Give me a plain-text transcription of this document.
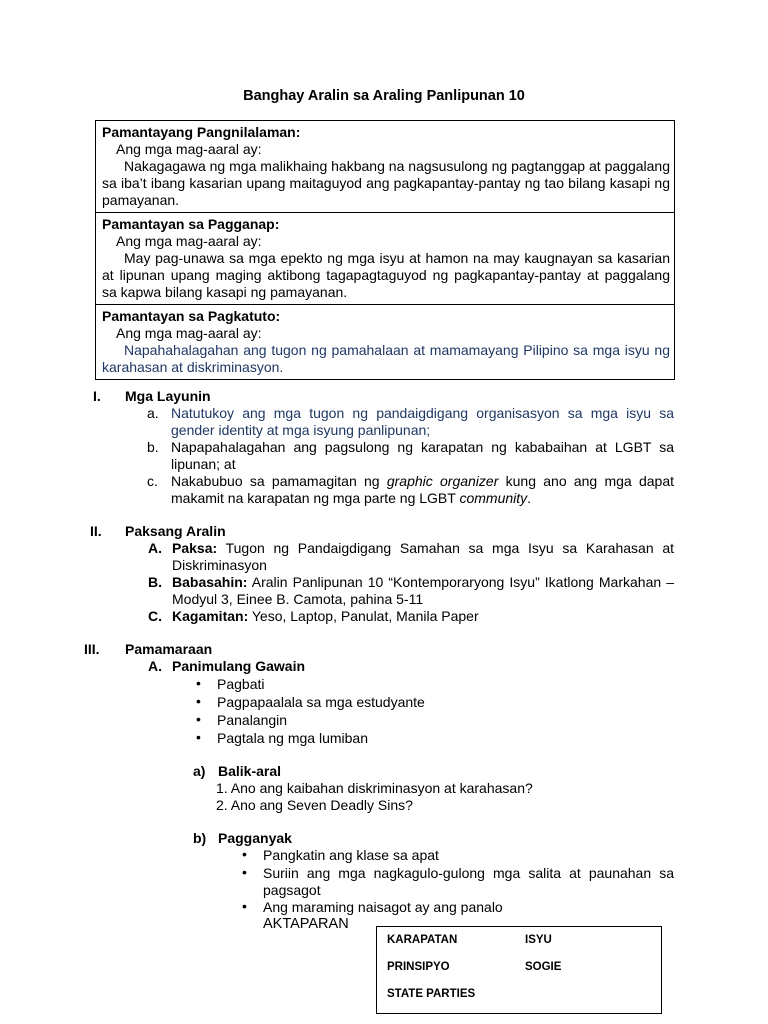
Banghay Aralin sa Araling Panlipunan 10
Pamantayang Pangnilalaman:
Ang mga mag-aaral ay:
Nakagagawa ng mga malikhaing hakbang na nagsusulong ng pagtanggap at paggalang sa iba’t ibang kasarian upang maitaguyod ang pagkapantay-pantay ng tao bilang kasapi ng pamayanan.
Pamantayan sa Pagganap:
Ang mga mag-aaral ay:
May pag-unawa sa mga epekto ng mga isyu at hamon na may kaugnayan sa kasarian at lipunan upang maging aktibong tagapagtaguyod ng pagkapantay-pantay at paggalang sa kapwa bilang kasapi ng pamayanan.
Pamantayan sa Pagkatuto:
Ang mga mag-aaral ay:
Napahahalagahan ang tugon ng pamahalaan at mamamayang Pilipino sa mga isyu ng karahasan at diskriminasyon.
I. Mga Layunin
a. Natutukoy ang mga tugon ng pandaigdigang organisasyon sa mga isyu sa gender identity at mga isyung panlipunan;
b. Napapahalagahan ang pagsulong ng karapatan ng kababaihan at LGBT sa lipunan; at
c. Nakabubuo sa pamamagitan ng graphic organizer kung ano ang mga dapat makamit na karapatan ng mga parte ng LGBT community.
II. Paksang Aralin
A. Paksa: Tugon ng Pandaigdigang Samahan sa mga Isyu sa Karahasan at Diskriminasyon
B. Babasahin: Aralin Panlipunan 10 “Kontemporaryong Isyu” Ikatlong Markahan – Modyul 3, Einee B. Camota, pahina 5-11
C. Kagamitan: Yeso, Laptop, Panulat, Manila Paper
III. Pamamaraan
A. Panimulang Gawain
• Pagbati
• Pagpapaalala sa mga estudyante
• Panalangin
• Pagtala ng mga lumiban
a) Balik-aral
1. Ano ang kaibahan diskriminasyon at karahasan?
2. Ano ang Seven Deadly Sins?
b) Pagganyak
• Pangkatin ang klase sa apat
• Suriin ang mga nagkagulo-gulong mga salita at paunahan sa pagsagot
• Ang maraming naisagot ay ang panalo
AKTAPARAN
KARAPATAN	ISYU
PRINSIPYO	SOGIE
STATE PARTIES
